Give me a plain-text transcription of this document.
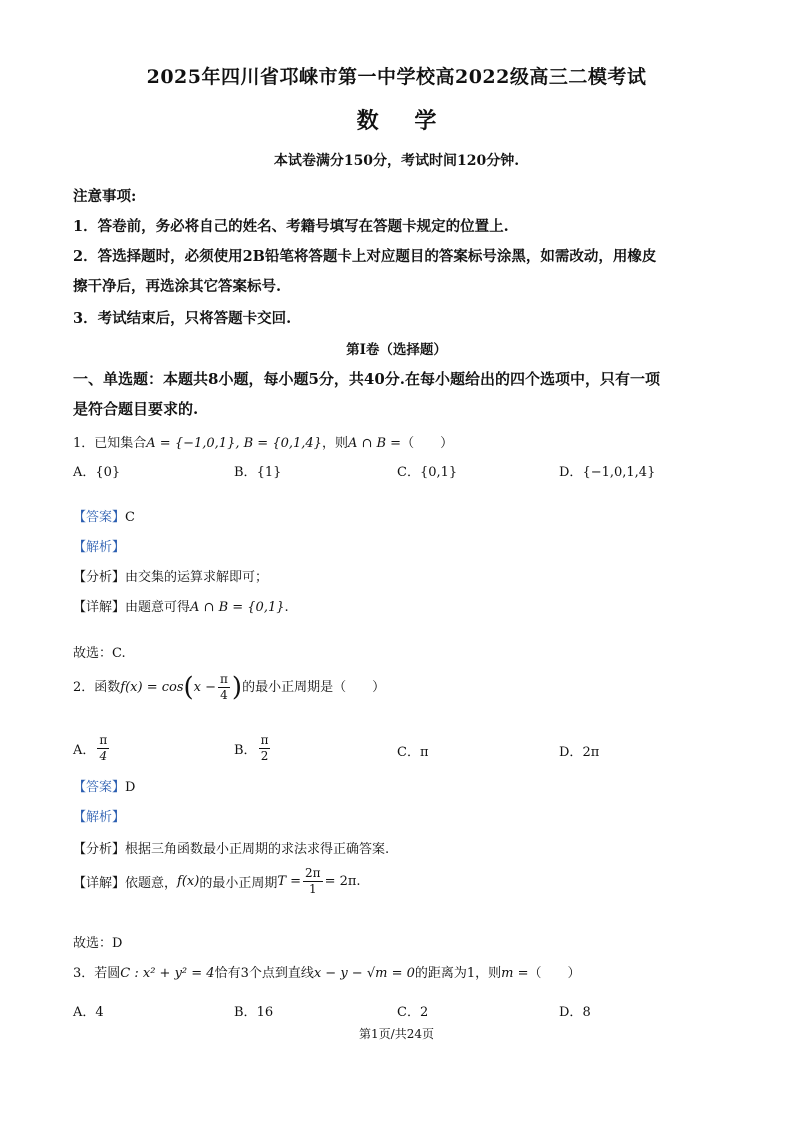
2025年四川省邛崃市第一中学校高2022级高三二模考试
数 学
本试卷满分150分，考试时间120分钟.
注意事项:
1．答卷前，务必将自己的姓名、考籍号填写在答题卡规定的位置上.
2．答选择题时，必须使用2B铅笔将答题卡上对应题目的答案标号涂黑，如需改动，用橡皮
擦干净后，再选涂其它答案标号.
3．考试结束后，只将答题卡交回.
第I卷（选择题）
一、单选题：本题共8小题，每小题5分，共40分.在每小题给出的四个选项中，只有一项
是符合题目要求的.
1．已知集合A = {−1,0,1}, B = {0,1,4}，则A ∩ B =（　　）
A．{0}	B．{1}	C．{0,1}	D．{−1,0,1,4}
【答案】C
【解析】
【分析】由交集的运算求解即可；
【详解】由题意可得A ∩ B = {0,1}.
故选：C.
2．函数$f(x) = \cos(x - \frac{\pi}{4}$ )的最小正周期是（　　）
A． $\frac{\pi}{4}$	B． $\frac{\pi}{2}$	C．π	D．2π
【答案】D
【解析】
【分析】根据三角函数最小正周期的求法求得正确答案.
【详解】依题意，f(x)的最小正周期$T = \frac{2\pi}{1} = 2\pi$.
故选：D
3．若圆C : x² + y² = 4恰有3个点到直线x − y − √m = 0的距离为1，则m =（　　）
A．4	B．16	C．2	D．8
第1页/共24页
